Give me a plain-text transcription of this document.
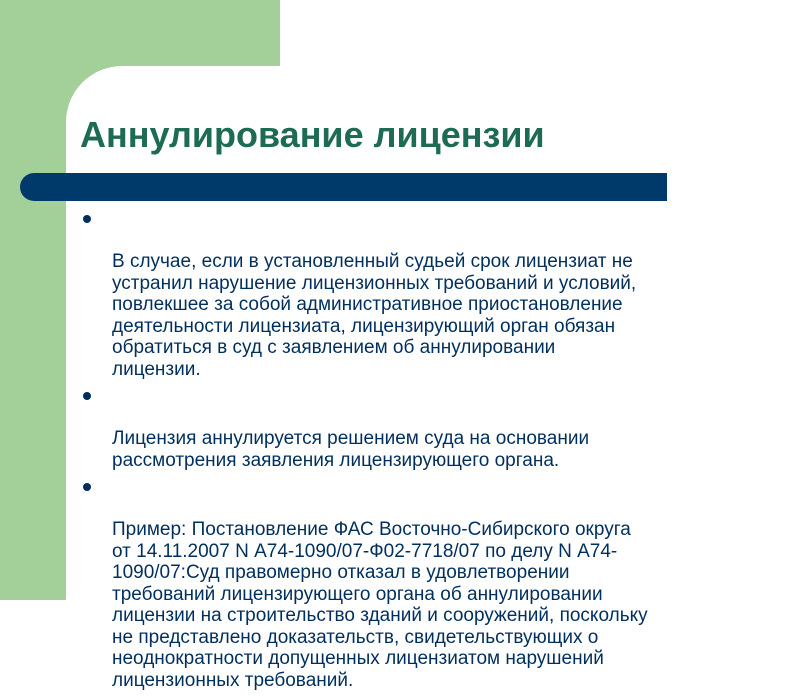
Аннулирование лицензии

В случае, если в установленный судьей срок лицензиат не
устранил нарушение лицензионных требований и условий,
повлекшее за собой административное приостановление
деятельности лицензиата, лицензирующий орган обязан
обратиться в суд с заявлением об аннулировании
лицензии.

Лицензия аннулируется решением суда на основании
рассмотрения заявления лицензирующего органа.

Пример: Постановление ФАС Восточно-Сибирского округа
от 14.11.2007 N А74-1090/07-Ф02-7718/07 по делу N А74-
1090/07:Суд правомерно отказал в удовлетворении
требований лицензирующего органа об аннулировании
лицензии на строительство зданий и сооружений, поскольку
не представлено доказательств, свидетельствующих о
неоднократности допущенных лицензиатом нарушений
лицензионных требований.
